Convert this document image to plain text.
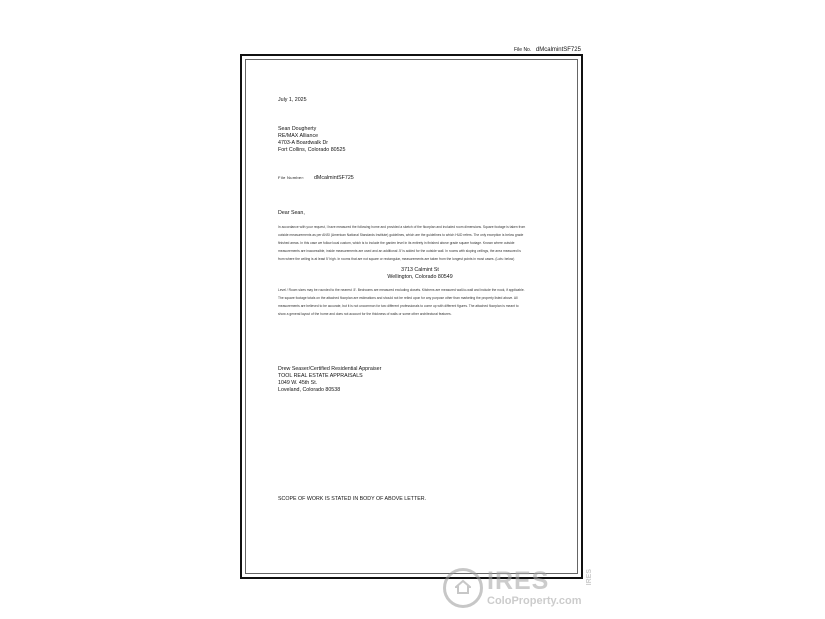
File No. dMcalmintSF725
July 1, 2025
Sean Dougherty
RE/MAX Alliance
4703-A Boardwalk Dr
Fort Collins, Colorado 80525
File Number: dMcalmintSF725
Dear Sean,
In accordance with your request, I have measured the following home and provided a sketch of the floorplan and included room dimensions. Square footage is taken from
outside measurements as per ANSI (American National Standards Institute) guidelines, which are the guidelines to which HUD refers. The only exception is below grade
finished areas. In this case we follow local custom, which is to include the garden level in its entirety in finished above grade square footage. Known where outside
measurements are inaccessible, inside measurements are used and an additional .5' is added for the outside wall. In rooms with sloping ceilings, the area measured is
from where the ceiling is at least 5' high. In rooms that are not square or rectangular, measurements are taken from the longest points in most cases. (Lots: below)
3713 Calmint St
Wellington, Colorado 80549
Level / Room sizes may be rounded to the nearest .5'. Bedrooms are measured excluding closets. Kitchens are measured wall-to-wall and include the nook, if applicable.
The square footage totals on the attached floorplan are estimations and should not be relied upon for any purpose other than marketing the property listed above. All
measurements are believed to be accurate, but it is not uncommon for two different professionals to come up with different figures. The attached floorplan is meant to
show a general layout of the home and does not account for the thickness of walls or some other architectural features.
Drew Seaser/Certified Residential Appraiser
TOOL REAL ESTATE APPRAISALS
1049 W. 45th St.
Loveland, Colorado 80538
SCOPE OF WORK IS STATED IN BODY OF ABOVE LETTER.
IRES
ColoProperty.com
IRES
